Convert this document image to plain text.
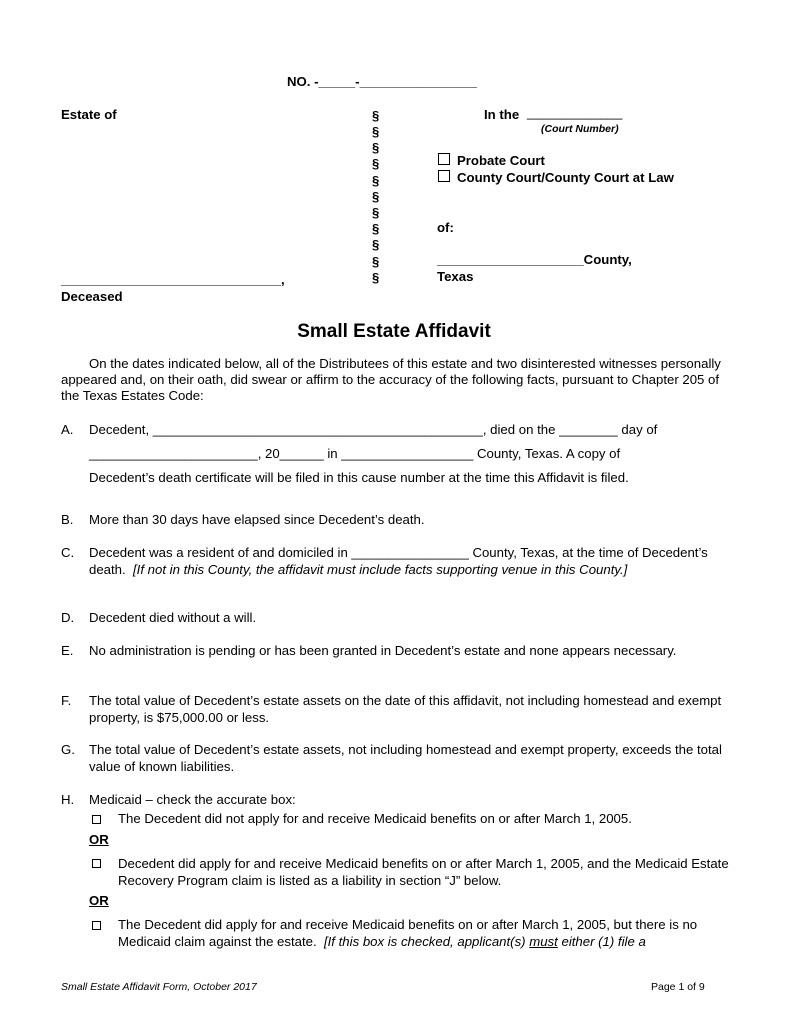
NO. -_____-________________
Estate of	§
§
§
§
§
§
§
§
§
§
§
In the _____________
(Court Number)
Probate Court
County Court/County Court at Law
of:
____________________County,
Texas
______________________________,
Deceased
Small Estate Affidavit
On the dates indicated below, all of the Distributees of this estate and two disinterested witnesses personally appeared and, on their oath, did swear or affirm to the accuracy of the following facts, pursuant to Chapter 205 of the Texas Estates Code:
A. Decedent, _____________________________________________, died on the ________ day of
_______________________, 20______ in __________________ County, Texas. A copy of
Decedent’s death certificate will be filed in this cause number at the time this Affidavit is filed.
B. More than 30 days have elapsed since Decedent’s death.
C. Decedent was a resident of and domiciled in ________________ County, Texas, at the time of Decedent’s death. [If not in this County, the affidavit must include facts supporting venue in this County.]
D. Decedent died without a will.
E. No administration is pending or has been granted in Decedent’s estate and none appears necessary.
F. The total value of Decedent’s estate assets on the date of this affidavit, not including homestead and exempt property, is $75,000.00 or less.
G. The total value of Decedent’s estate assets, not including homestead and exempt property, exceeds the total value of known liabilities.
H. Medicaid – check the accurate box:
The Decedent did not apply for and receive Medicaid benefits on or after March 1, 2005.
OR
Decedent did apply for and receive Medicaid benefits on or after March 1, 2005, and the Medicaid Estate Recovery Program claim is listed as a liability in section “J” below.
OR
The Decedent did apply for and receive Medicaid benefits on or after March 1, 2005, but there is no Medicaid claim against the estate. [If this box is checked, applicant(s) must either (1) file a
Small Estate Affidavit Form, October 2017	Page 1 of 9
